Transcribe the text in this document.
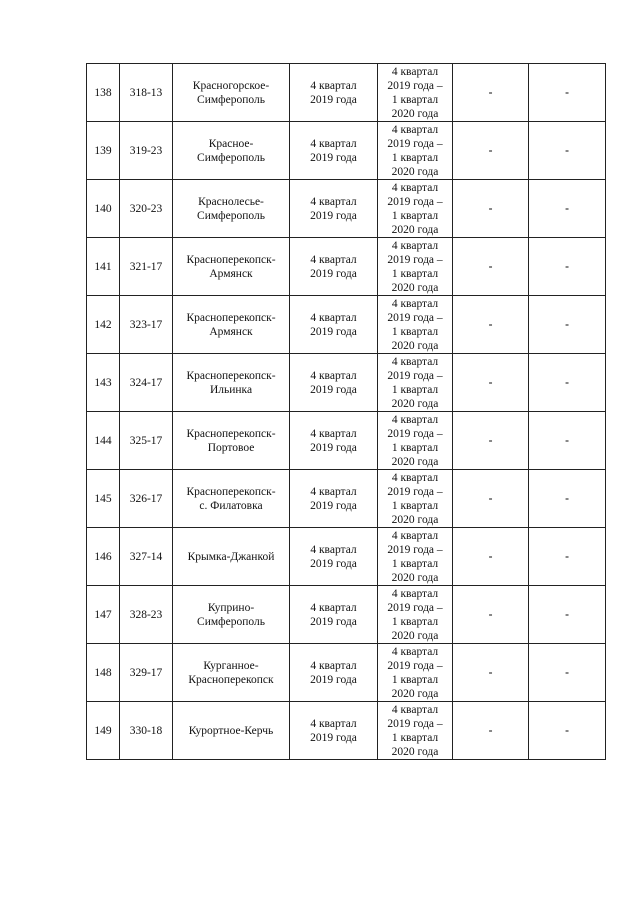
138	318-13	Красногорское-
Симферополь	4 квартал
2019 года	4 квартал
2019 года –
1 квартал
2020 года	-	-
139	319-23	Красное-
Симферополь	4 квартал
2019 года	4 квартал
2019 года –
1 квартал
2020 года	-	-
140	320-23	Краснолесье-
Симферополь	4 квартал
2019 года	4 квартал
2019 года –
1 квартал
2020 года	-	-
141	321-17	Красноперекопск-
Армянск	4 квартал
2019 года	4 квартал
2019 года –
1 квартал
2020 года	-	-
142	323-17	Красноперекопск-
Армянск	4 квартал
2019 года	4 квартал
2019 года –
1 квартал
2020 года	-	-
143	324-17	Красноперекопск-
Ильинка	4 квартал
2019 года	4 квартал
2019 года –
1 квартал
2020 года	-	-
144	325-17	Красноперекопск-
Портовое	4 квартал
2019 года	4 квартал
2019 года –
1 квартал
2020 года	-	-
145	326-17	Красноперекопск-
с. Филатовка	4 квартал
2019 года	4 квартал
2019 года –
1 квартал
2020 года	-	-
146	327-14	Крымка-Джанкой	4 квартал
2019 года	4 квартал
2019 года –
1 квартал
2020 года	-	-
147	328-23	Куприно-
Симферополь	4 квартал
2019 года	4 квартал
2019 года –
1 квартал
2020 года	-	-
148	329-17	Курганное-
Красноперекопск	4 квартал
2019 года	4 квартал
2019 года –
1 квартал
2020 года	-	-
149	330-18	Курортное-Керчь	4 квартал
2019 года	4 квартал
2019 года –
1 квартал
2020 года	-	-
